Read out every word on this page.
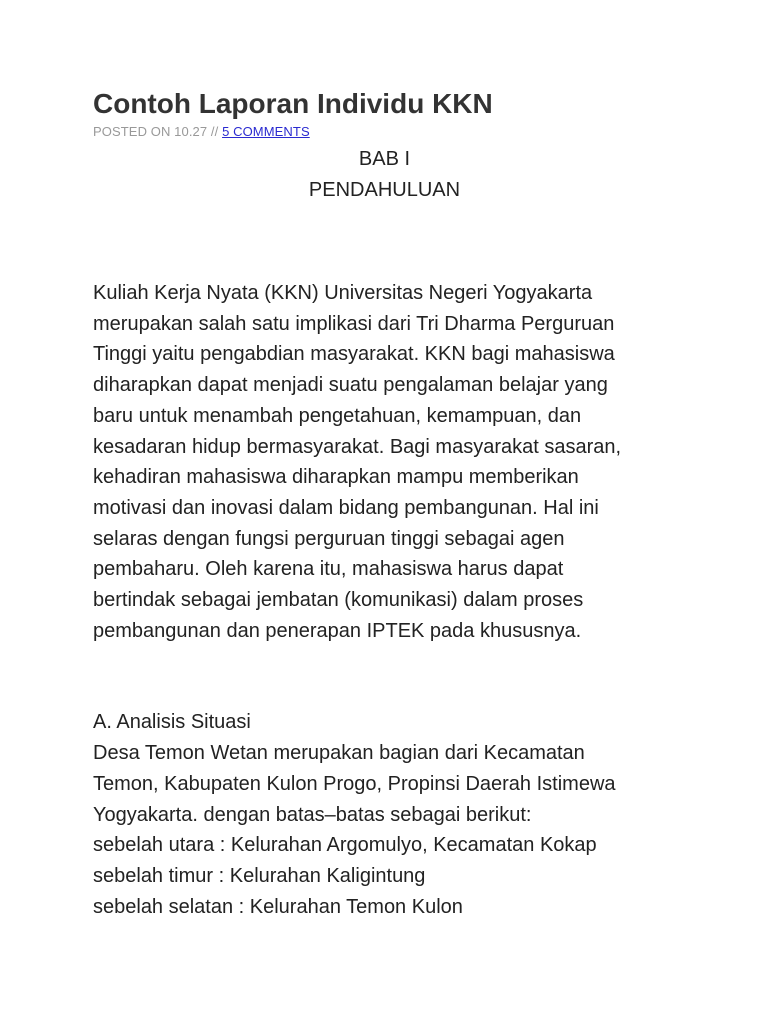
Contoh Laporan Individu KKN
POSTED ON 10.27 // 5 COMMENTS
BAB I
PENDAHULUAN

Kuliah Kerja Nyata (KKN) Universitas Negeri Yogyakarta
merupakan salah satu implikasi dari Tri Dharma Perguruan
Tinggi yaitu pengabdian masyarakat. KKN bagi mahasiswa
diharapkan dapat menjadi suatu pengalaman belajar yang
baru untuk menambah pengetahuan, kemampuan, dan
kesadaran hidup bermasyarakat. Bagi masyarakat sasaran,
kehadiran mahasiswa diharapkan mampu memberikan
motivasi dan inovasi dalam bidang pembangunan. Hal ini
selaras dengan fungsi perguruan tinggi sebagai agen
pembaharu. Oleh karena itu, mahasiswa harus dapat
bertindak sebagai jembatan (komunikasi) dalam proses
pembangunan dan penerapan IPTEK pada khususnya.

A. Analisis Situasi
Desa Temon Wetan merupakan bagian dari Kecamatan
Temon, Kabupaten Kulon Progo, Propinsi Daerah Istimewa
Yogyakarta. dengan batas–batas sebagai berikut:
sebelah utara : Kelurahan Argomulyo, Kecamatan Kokap
sebelah timur : Kelurahan Kaligintung
sebelah selatan : Kelurahan Temon Kulon
